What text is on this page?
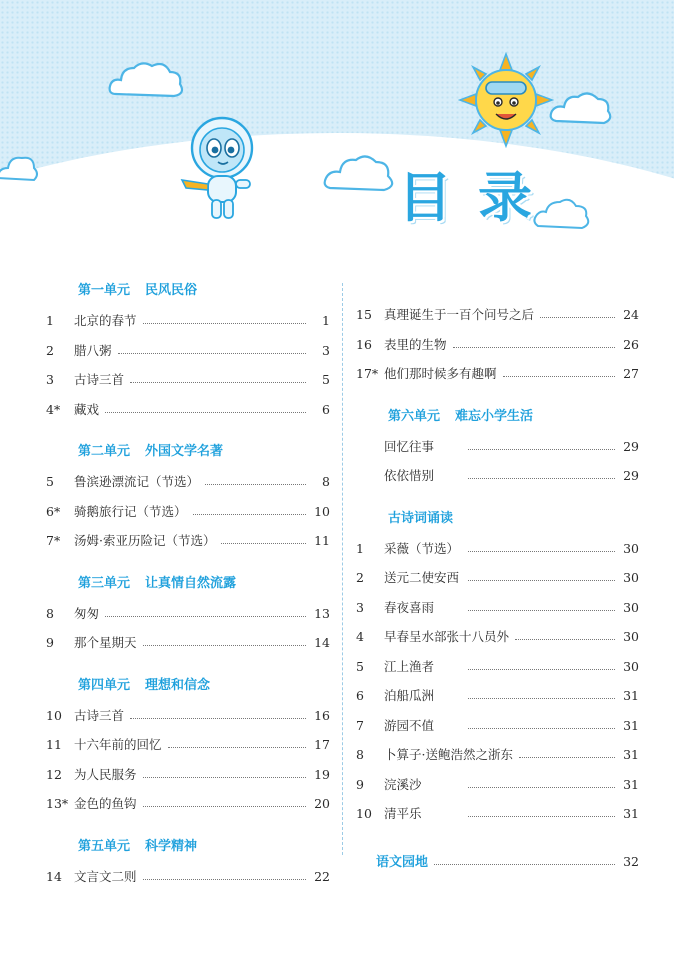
目录
第一单元 民风民俗
1	北京的春节	1
2	腊八粥	3
3	古诗三首	5
4*	藏戏	6
第二单元 外国文学名著
5	鲁滨逊漂流记（节选）	8
6*	骑鹅旅行记（节选）	10
7*	汤姆·索亚历险记（节选）	11
第三单元 让真情自然流露
8	匆匆	13
9	那个星期天	14
第四单元 理想和信念
10 古诗三首	16
11 十六年前的回忆	17
12 为人民服务	19
13* 金色的鱼钩	20
第五单元 科学精神
14 文言文二则	22
15 真理诞生于一百个问号之后	24
16 表里的生物	26
17* 他们那时候多有趣啊	27
第六单元 难忘小学生活
回忆往事	29
依依惜别	29
古诗词诵读
1	采薇（节选）	30
2	送元二使安西	30
3	春夜喜雨	30
4	早春呈水部张十八员外	30
5	江上渔者	30
6	泊船瓜洲	31
7	游园不值	31
8	卜算子·送鲍浩然之浙东	31
9	浣溪沙	31
10 清平乐	31
语文园地	32
